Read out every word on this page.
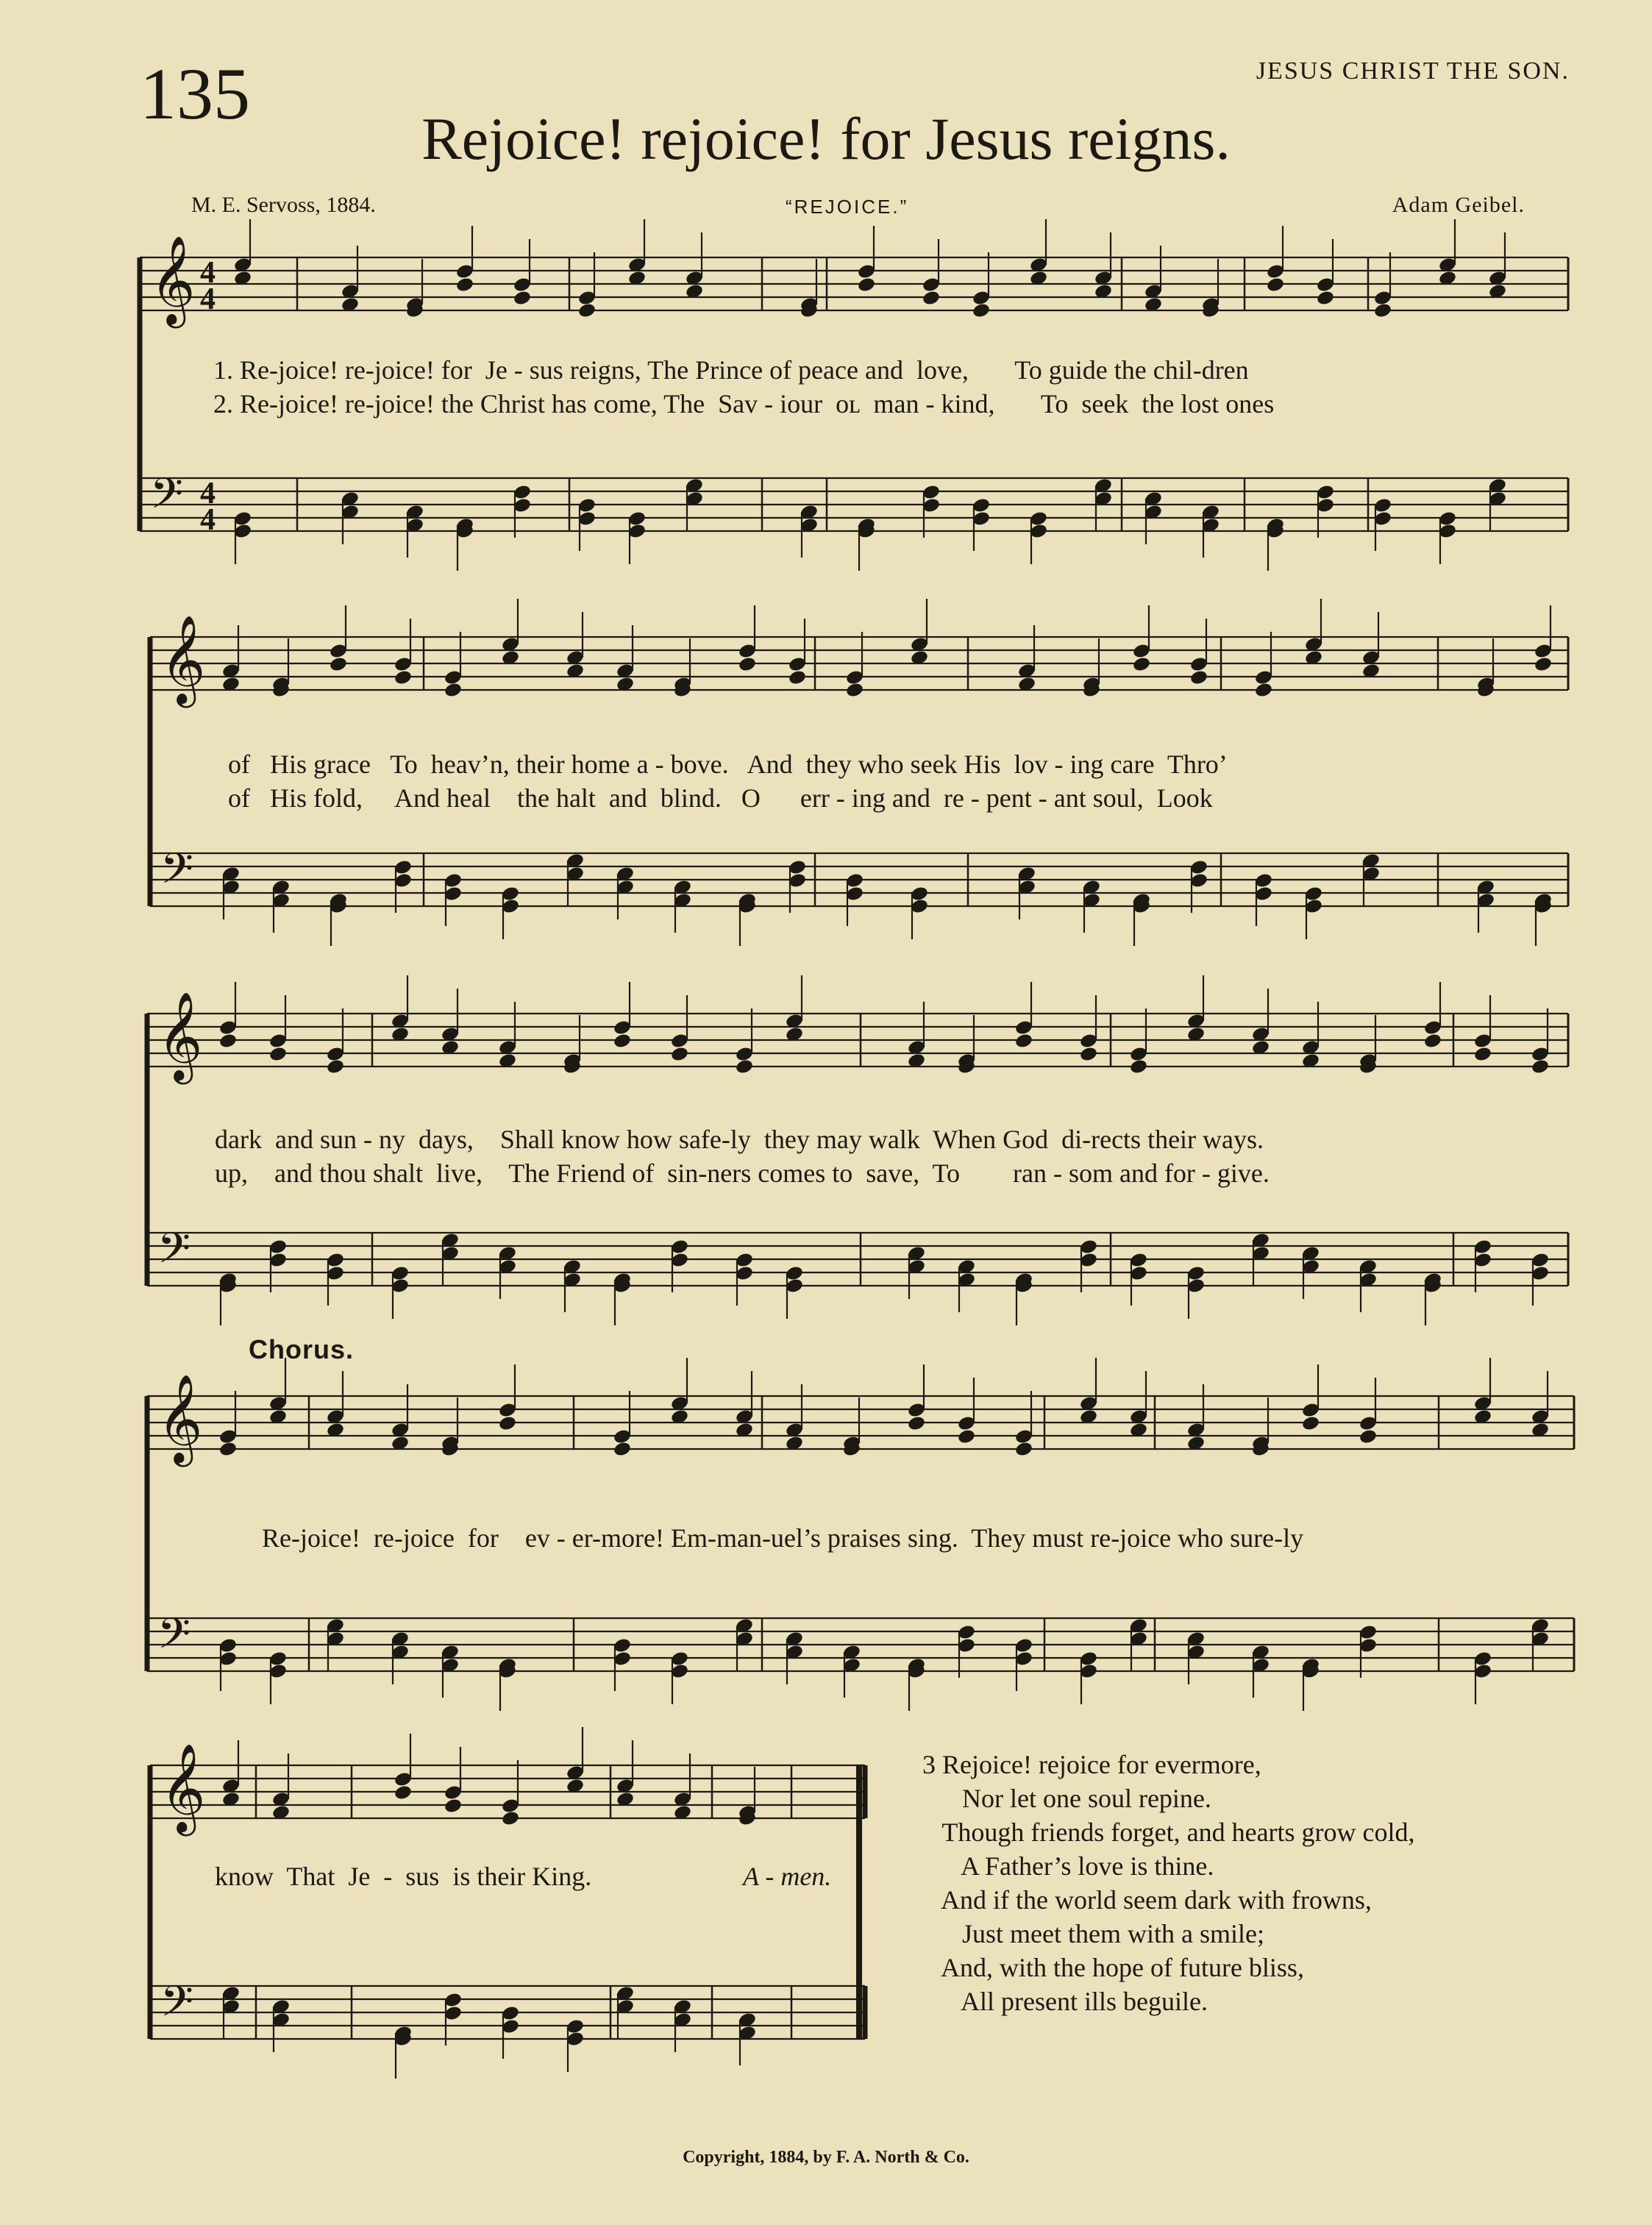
135	JESUS CHRIST THE SON.
Rejoice! rejoice! for Jesus reigns.
M. E. Servoss, 1884.	“REJOICE.”	Adam Geibel.
𝄞 4
4
𝄢 4
4
𝄞
𝄢
𝄞
𝄢
𝄞
𝄢
𝄞
𝄢
1. Re-joice! re-joice! for  Je - sus reigns, The Prince of peace and  love,       To guide the chil-dren
2. Re-joice! re-joice! the Christ has come, The  Sav - iour  oʟ  man - kind,       To  seek  the lost ones
of   His grace   To  heav’n, their home a - bove.   And  they who seek His  lov - ing care  Thro’
of   His fold,     And heal    the halt  and  blind.   O      err - ing and  re - pent - ant soul,  Look
dark  and sun - ny  days,    Shall know how safe-ly  they may walk  When God  di-rects their ways.
up,    and thou shalt  live,    The Friend of  sin-ners comes to  save,  To        ran - som and for - give.
Chorus.
Re-joice!  re-joice  for    ev - er-more! Em-man-uel’s praises sing.  They must re-joice who sure-ly
know  That  Je  -  sus  is their King.	A - men.
3 Rejoice! rejoice for evermore,
Nor let one soul repine.
Though friends forget, and hearts grow cold,
A Father’s love is thine.
And if the world seem dark with frowns,
Just meet them with a smile;
And, with the hope of future bliss,
All present ills beguile.
Copyright, 1884, by F. A. North & Co.
